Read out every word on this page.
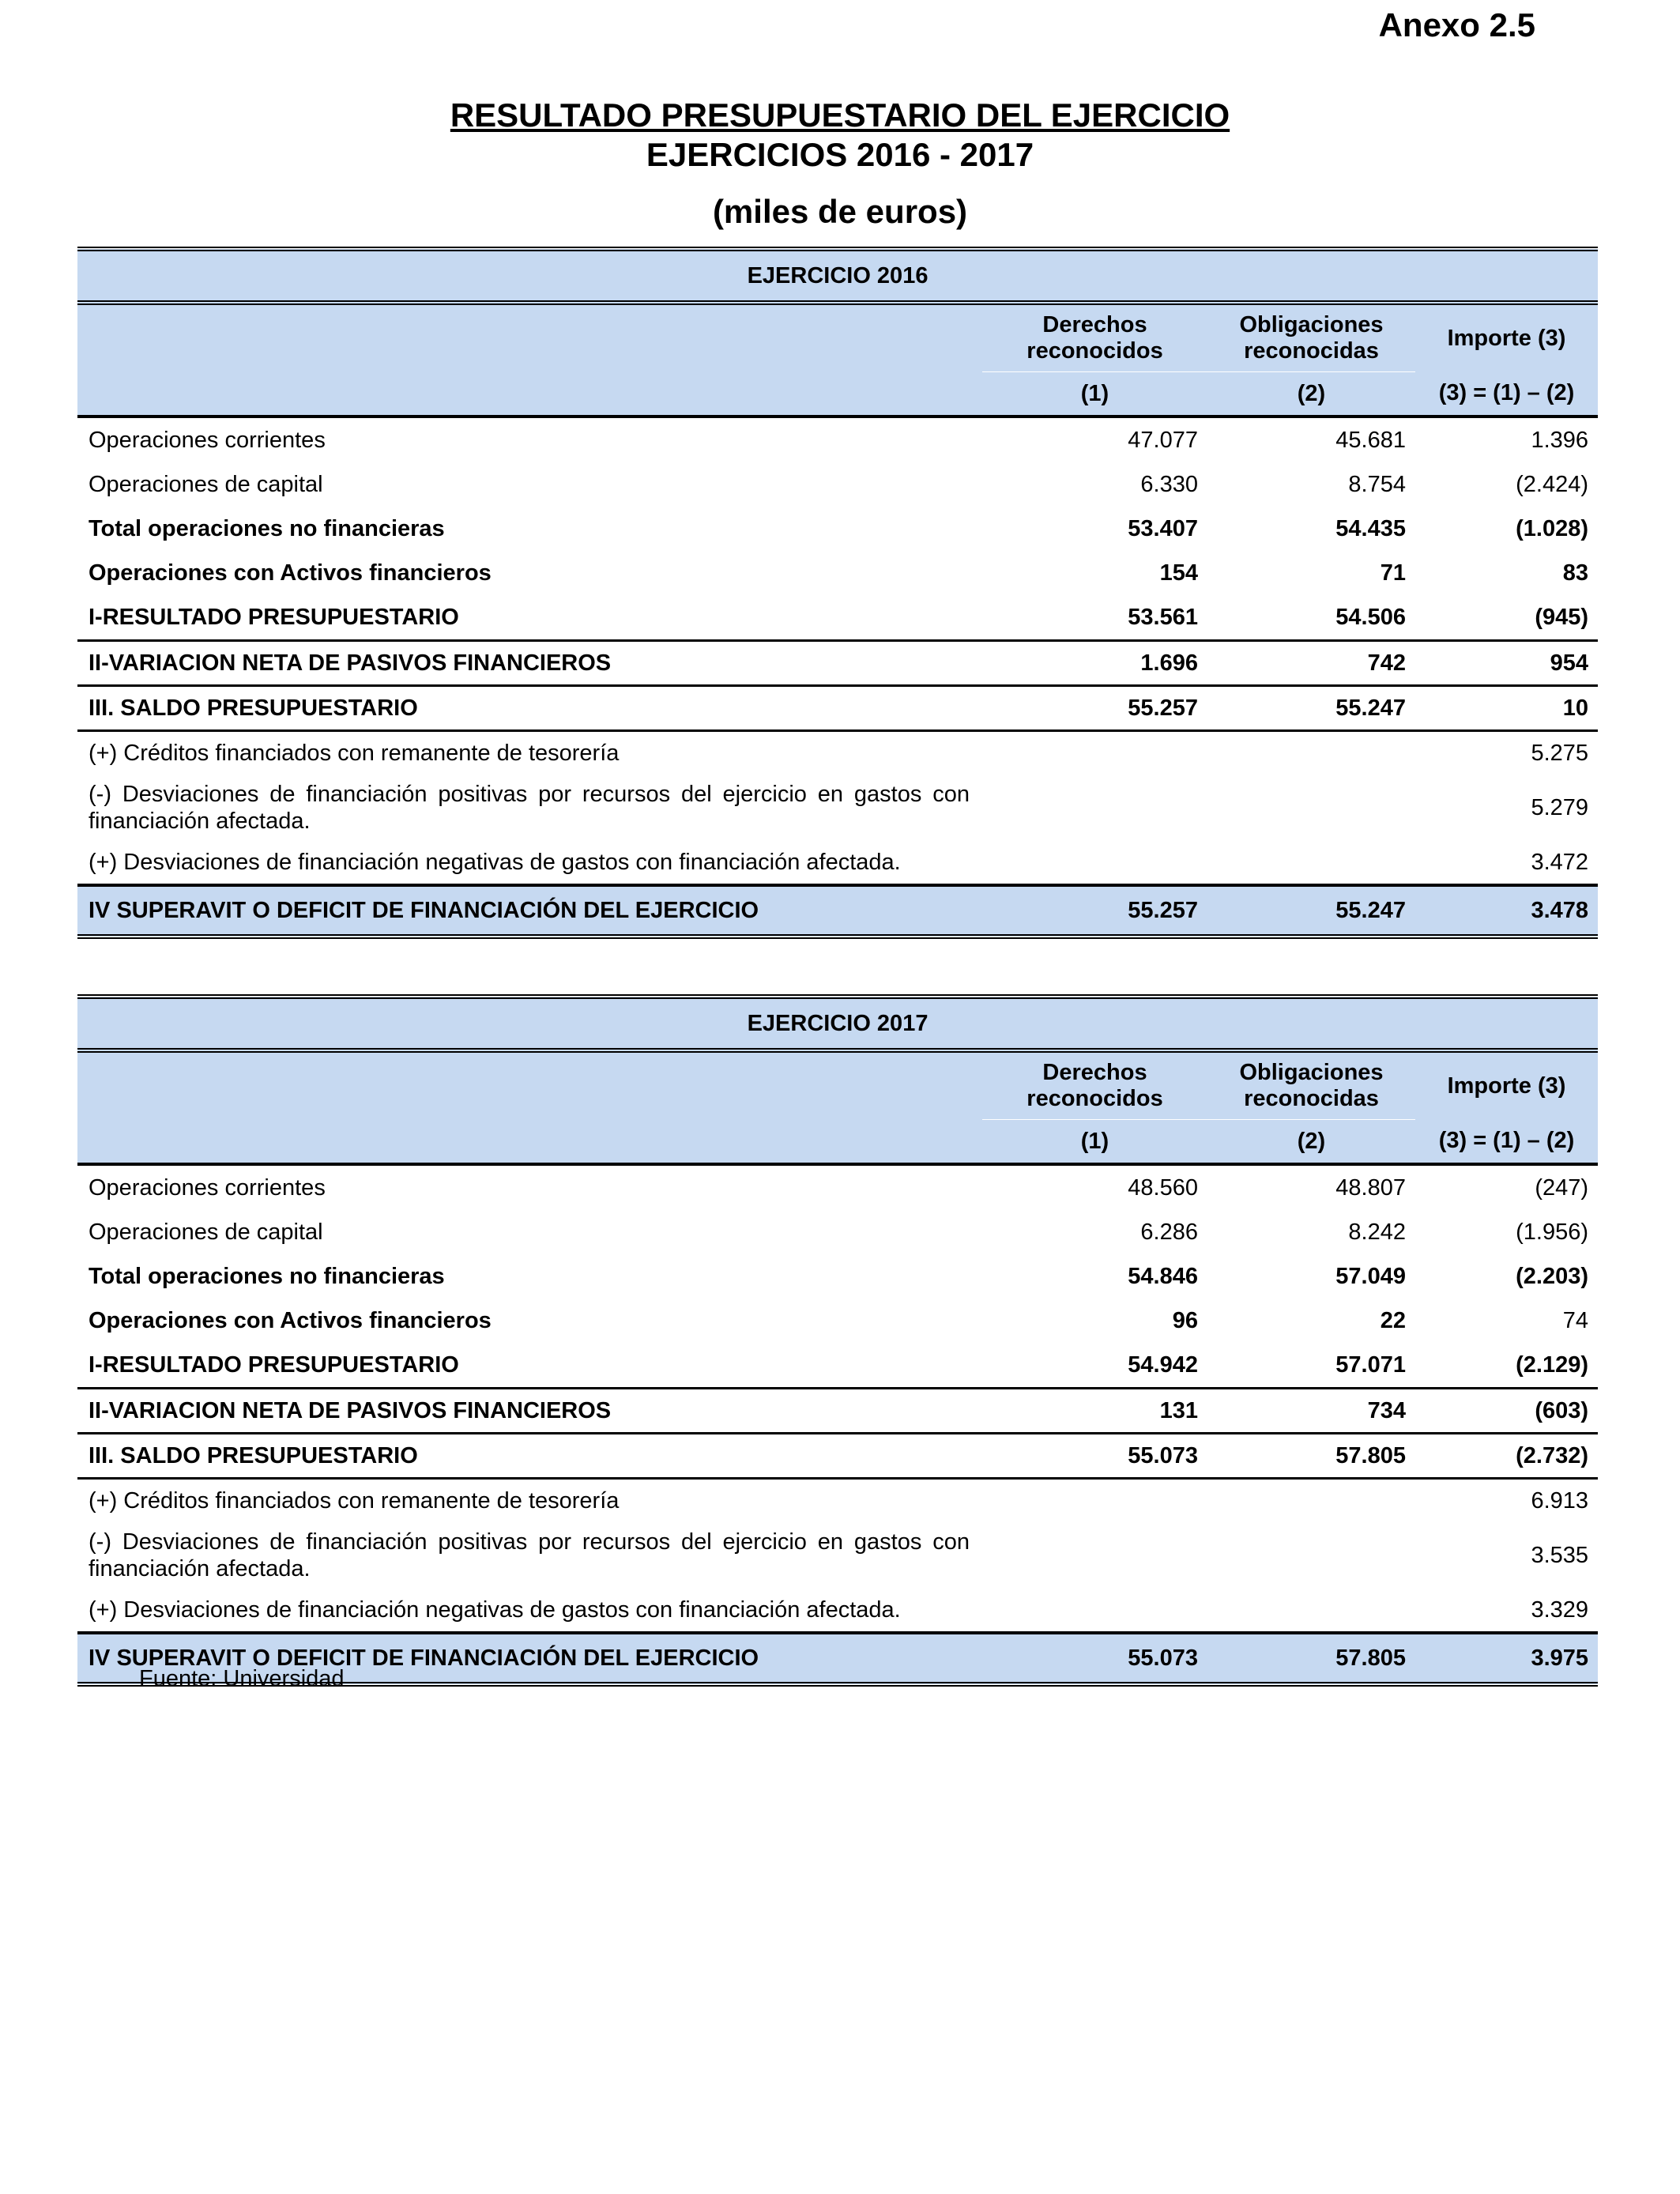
Anexo 2.5
RESULTADO PRESUPUESTARIO DEL EJERCICIO
EJERCICIOS 2016 - 2017
(miles de euros)
EJERCICIO 2016			
	Derechos reconocidos	Obligaciones reconocidas	Importe (3)
	(1)	(2)	(3) = (1) – (2)
Operaciones corrientes	47.077	45.681	1.396
Operaciones de capital	6.330	8.754	(2.424)
Total operaciones no financieras	53.407	54.435	(1.028)
Operaciones con Activos financieros	154	71	83
I-RESULTADO PRESUPUESTARIO	53.561	54.506	(945)
II-VARIACION NETA DE PASIVOS FINANCIEROS	1.696	742	954
III. SALDO PRESUPUESTARIO	55.257	55.247	10
(+) Créditos financiados con remanente de tesorería			5.275
(-) Desviaciones de financiación positivas por recursos del ejercicio en gastos con financiación afectada.			5.279
(+) Desviaciones de financiación negativas de gastos con financiación afectada.			3.472
IV SUPERAVIT O DEFICIT DE FINANCIACIÓN DEL EJERCICIO	55.257	55.247	3.478
EJERCICIO 2017			
	Derechos reconocidos	Obligaciones reconocidas	Importe (3)
	(1)	(2)	(3) = (1) – (2)
Operaciones corrientes	48.560	48.807	(247)
Operaciones de capital	6.286	8.242	(1.956)
Total operaciones no financieras	54.846	57.049	(2.203)
Operaciones con Activos financieros	96	22	74
I-RESULTADO PRESUPUESTARIO	54.942	57.071	(2.129)
II-VARIACION NETA DE PASIVOS FINANCIEROS	131	734	(603)
III. SALDO PRESUPUESTARIO	55.073	57.805	(2.732)
(+) Créditos financiados con remanente de tesorería			6.913
(-) Desviaciones de financiación positivas por recursos del ejercicio en gastos con financiación afectada.			3.535
(+) Desviaciones de financiación negativas de gastos con financiación afectada.			3.329
IV SUPERAVIT O DEFICIT DE FINANCIACIÓN DEL EJERCICIO	55.073	57.805	3.975
Fuente: Universidad
